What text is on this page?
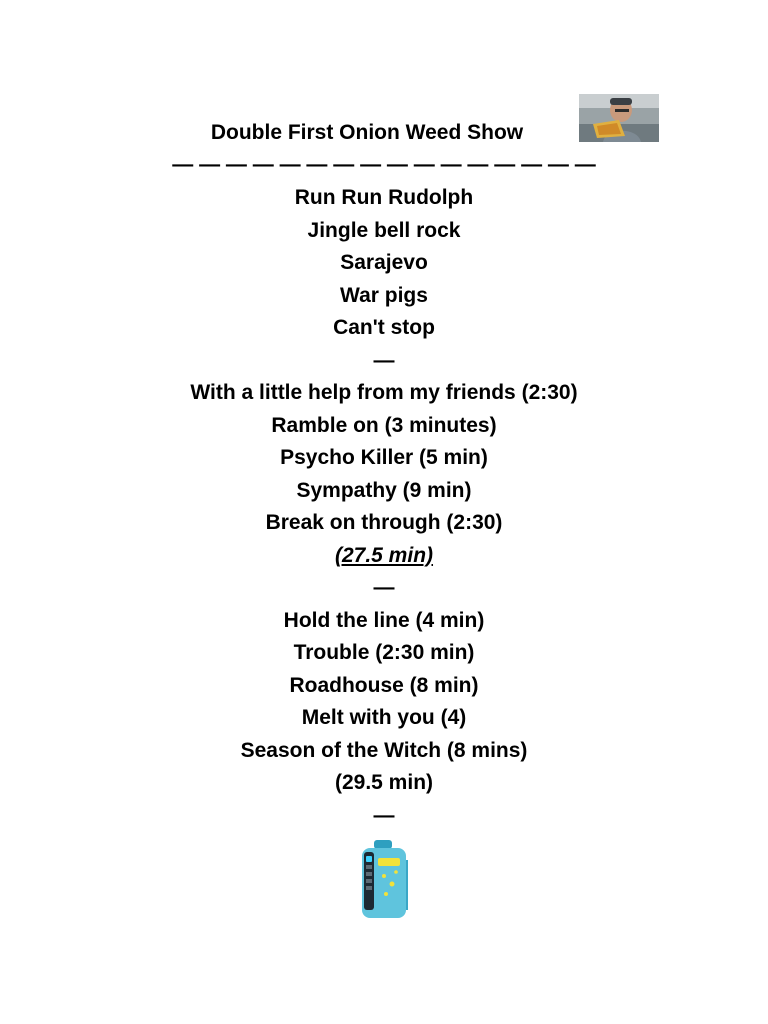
Double First Onion Weed Show
— — — — — — — — — — — — — — — —
Run Run Rudolph
Jingle bell rock
Sarajevo
War pigs
Can't stop
—
With a little help from my friends (2:30)
Ramble on (3 minutes)
Psycho Killer (5 min)
Sympathy (9 min)
Break on through (2:30)
(27.5 min)
—
Hold the line (4 min)
Trouble (2:30 min)
Roadhouse (8 min)
Melt with you (4)
Season of the Witch (8 mins)
(29.5 min)
—
